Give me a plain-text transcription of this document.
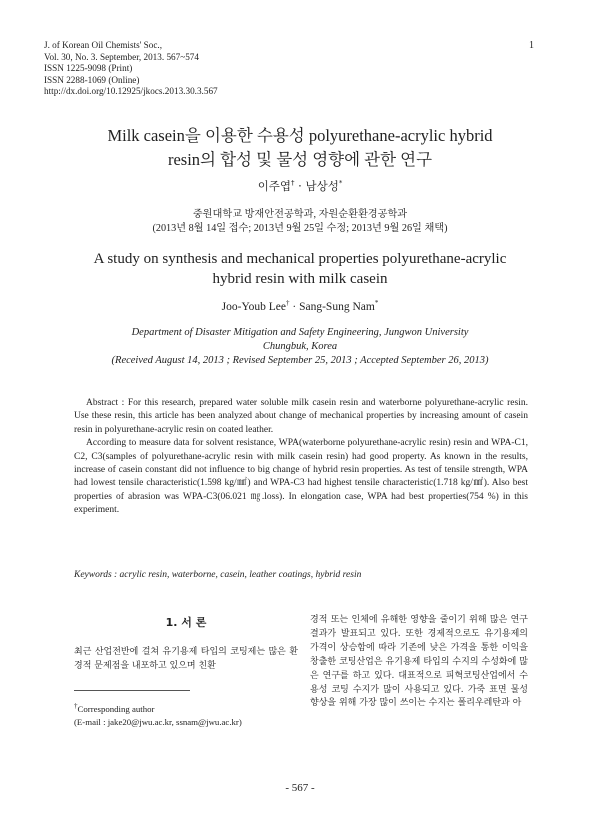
J. of Korean Oil Chemists' Soc.,
Vol. 30, No. 3. September, 2013. 567~574
ISSN 1225-9098 (Print)
ISSN 2288-1069 (Online)
http://dx.doi.org/10.12925/jkocs.2013.30.3.567
1
Milk casein을 이용한 수용성 polyurethane-acrylic hybrid
resin의 합성 및 물성 영향에 관한 연구
이주엽† · 남상성*
중원대학교 방재안전공학과, 자원순환환경공학과
(2013년 8월 14일 접수; 2013년 9월 25일 수정; 2013년 9월 26일 채택)
A study on synthesis and mechanical properties polyurethane-acrylic
hybrid resin with milk casein
Joo-Youb Lee† · Sang-Sung Nam*
Department of Disaster Mitigation and Safety Engineering, Jungwon University
Chungbuk, Korea
(Received August 14, 2013 ; Revised September 25, 2013 ; Accepted September 26, 2013)

Abstract : For this research, prepared water soluble milk casein resin and waterborne polyurethane-acrylic resin. Use these resin, this article has been analyzed about change of mechanical properties by increasing amount of casein resin in polyurethane-acrylic resin on coated leather.

According to measure data for solvent resistance, WPA(waterborne polyurethane-acrylic resin) resin and WPA-C1, C2, C3(samples of polyurethane-acrylic resin with milk casein resin) had good property. As known in the results, increase of casein constant did not influence to big change of hybrid resin properties. As test of tensile strength, WPA had lowest tensile characteristic(1.598 kg/㎟) and WPA-C3 had highest tensile characteristic(1.718 kg/㎟). Also best properties of abrasion was WPA-C3(06.021 ㎎.loss). In elongation case, WPA had best properties(754 %) in this experiment.

Keywords : acrylic resin, waterborne, casein, leather coatings, hybrid resin
1. 서 론
최근 산업전반에 걸쳐 유기용제 타입의 코팅제는 많은 환경적 문제점을 내포하고 있으며 친환
경적 또는 인체에 유해한 영향을 줄이기 위해 많은 연구결과가 발표되고 있다. 또한 경제적으로도 유기용제의 가격이 상승함에 따라 기존에 낮은 가격을 통한 이익을 창출한 코팅산업은 유기용제 타입의 수지의 수성화에 많은 연구를 하고 있다. 대표적으로 피혁코팅산업에서 수용성 코팅 수지가 많이 사용되고 있다. 가죽 표면 물성 향상을 위해 가장 많이 쓰이는 수지는 폴리우레탄과 아
†Corresponding author
(E-mail : jake20@jwu.ac.kr, ssnam@jwu.ac.kr)
- 567 -
